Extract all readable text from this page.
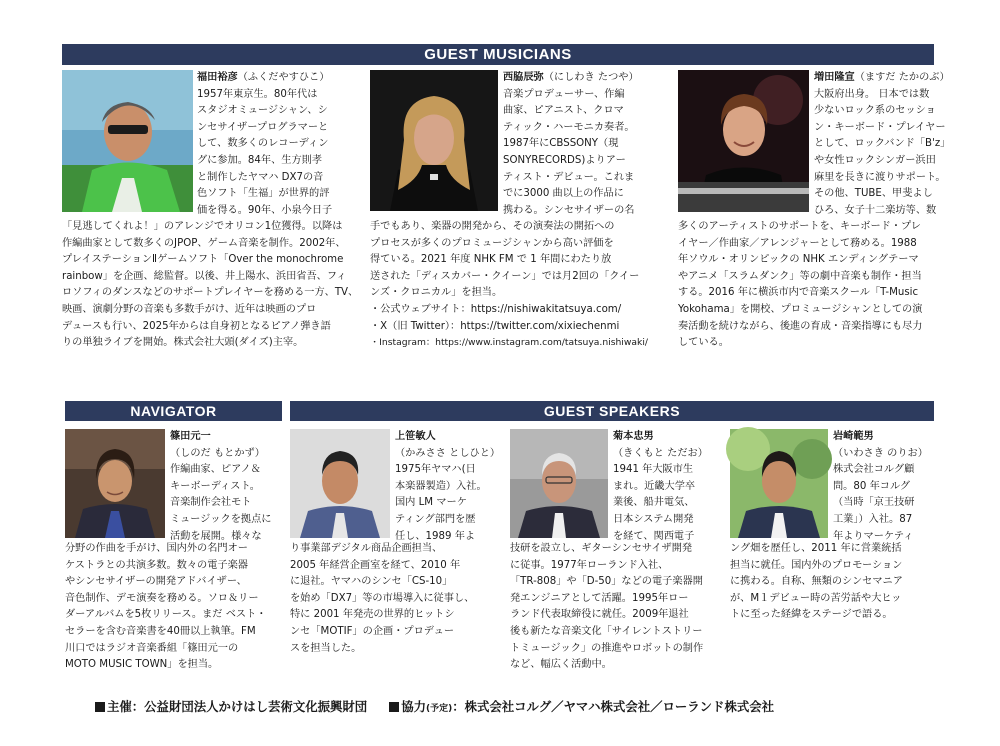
GUEST MUSICIANS
NAVIGATOR	GUEST SPEAKERS
福田裕彦（ふくだやすひこ）
1957年東京生。80年代は
スタジオミュージシャン、シ
ンセサイザープログラマーと
して、数多くのレコーディン
グに参加。84年、生方則孝
と制作したヤマハ DX7の音
色ソフト「生福」が世界的評
価を得る。90年、小泉今日子
「見逃してくれよ！」のアレンジでオリコン1位獲得。以降は
作編曲家として数多くのJPOP、ゲーム音楽を制作。2002年、
プレイステーションⅡゲームソフト「Over the monochrome
rainbow」を企画、総監督。以後、井上陽水、浜田省吾、フィ
ロソフィのダンスなどのサポートプレイヤーを務める一方、TV、
映画、演劇分野の音楽も多数手がけ、近年は映画のプロ
デュースも行い、2025年からは自身初となるピアノ弾き語
りの単独ライブを開始。株式会社大頭(ダイズ)主宰。
西脇辰弥（にしわき たつや）
音楽プロデューサー、作編
曲家、ピアニスト、クロマ
ティック・ハーモニカ奏者。
1987年にCBSSONY（現
SONYRECORDS)よりアー
ティスト・デビュー。これま
でに3000 曲以上の作品に
携わる。シンセサイザーの名
手でもあり、楽器の開発から、その演奏法の開拓への
プロセスが多くのプロミュージシャンから高い評価を
得ている。2021 年度 NHK FM で 1 年間にわたり放
送された「ディスカバー・クイーン」では月2回の「クイー
ンズ・クロニカル」を担当。
・公式ウェブサイト：https://nishiwakitatsuya.com/
・X（旧 Twitter）：https://twitter.com/xixiechenmi
・Instagram：https://www.instagram.com/tatsuya.nishiwaki/
増田隆宣（ますだ たかのぶ）
大阪府出身。 日本では数
少ないロック系のセッショ
ン・キーボード・プレイヤー
として、ロックバンド「B'z」
や女性ロックシンガー浜田
麻里を長きに渡りサポート。
その他、TUBE、甲斐よし
ひろ、女子十二楽坊等、数
多くのアーティストのサポートを、キーボード・プレ
イヤー／作曲家／アレンジャーとして務める。1988
年ソウル・オリンピックの NHK エンディングテーマ
やアニメ「スラムダンク」等の劇中音楽も制作・担当
する。2016 年に横浜市内で音楽スクール「T-Music
Yokohama」を開校、プロミュージシャンとしての演
奏活動を続けながら、後進の育成・音楽指導にも尽力
している。
篠田元一
（しのだ もとかず）
作編曲家、ピアノ＆
キーボーディスト。
音楽制作会社モト
ミュージックを拠点に
活動を展開。様々な
分野の作曲を手がけ、国内外の名門オー
ケストラとの共演多数。数々の電子楽器
やシンセサイザーの開発アドバイザー、
音色制作、デモ演奏を務める。ソロ＆リー
ダーアルバムを5枚リリース。まだ ベスト・
セラーを含む音楽書を40冊以上執筆。FM
川口ではラジオ音楽番組「篠田元一の
MOTO MUSIC TOWN」を担当。
上笹敏人
（かみささ としひと）
1975年ヤマハ(日
本楽器製造）入社。
国内 LM マーケ
ティング部門を歴
任し、1989 年よ
り事業部デジタル商品企画担当、
2005 年経営企画室を経て、2010 年
に退社。ヤマハのシンセ「CS-10」
を始め「DX7」等の市場導入に従事し、
特に 2001 年発売の世界的ヒットシ
ンセ「MOTIF」の企画・プロデュー
スを担当した。
菊本忠男
（きくもと ただお）
1941 年大阪市生
まれ。近畿大学卒
業後、船井電気、
日本システム開発
を経て、関西電子
技研を設立し、ギターシンセサイザ開発
に従事。1977年ローランド入社、
「TR-808」や「D-50」などの電子楽器開
発エンジニアとして活躍。1995年ロー
ランド代表取締役に就任。2009年退社
後も新たな音楽文化「サイレントストリー
トミュージック」の推進やロボットの制作
など、幅広く活動中。
岩崎範男
（いわさき のりお）
株式会社コルグ顧
問。80 年コルグ
（当時「京王技研
工業」）入社。87
年よりマーケティ
ング畑を歴任し、2011 年に営業統括
担当に就任。国内外のプロモーション
に携わる。自称、無類のシンセマニア
が、M１デビュー時の苦労話や大ヒッ
トに至った経緯をステージで語る。
主催：公益財団法人かけはし芸術文化振興財団	協力(予定)：株式会社コルグ／ヤマハ株式会社／ローランド株式会社
